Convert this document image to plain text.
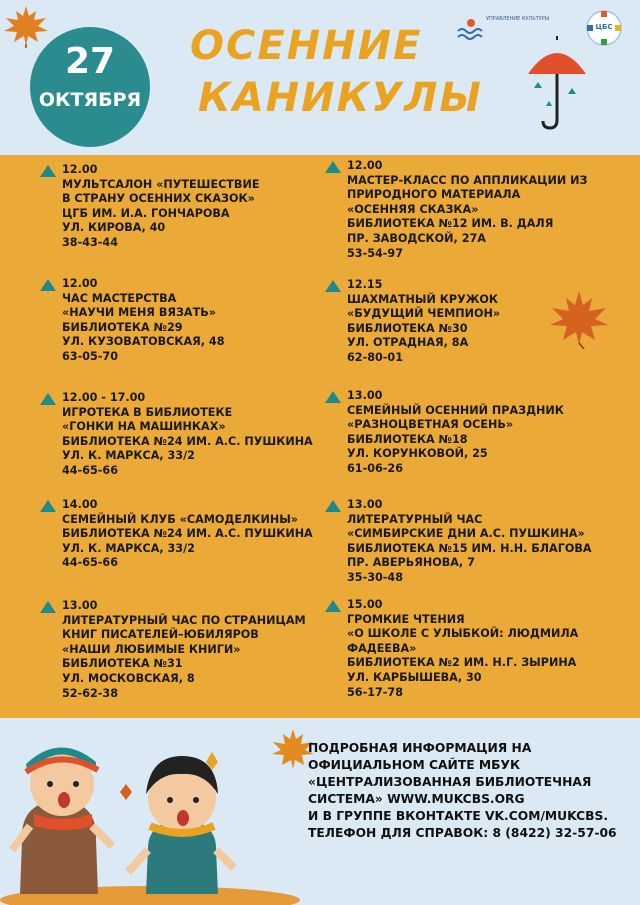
27
ОКТЯБРЯ
ОСЕННИЕ
КАНИКУЛЫ
УПРАВЛЕНИЕ КУЛЬТУРЫ
ЦБС
12.00
МУЛЬТСАЛОН «ПУТЕШЕСТВИЕ
В СТРАНУ ОСЕННИХ СКАЗОК»
ЦГБ ИМ. И.А. ГОНЧАРОВА
УЛ. КИРОВА, 40
38-43-44
12.00
ЧАС МАСТЕРСТВА
«НАУЧИ МЕНЯ ВЯЗАТЬ»
БИБЛИОТЕКА №29
УЛ. КУЗОВАТОВСКАЯ, 48
63-05-70
12.00 - 17.00
ИГРОТЕКА В БИБЛИОТЕКЕ
«ГОНКИ НА МАШИНКАХ»
БИБЛИОТЕКА №24 ИМ. А.С. ПУШКИНА
УЛ. К. МАРКСА, 33/2
44-65-66
14.00
СЕМЕЙНЫЙ КЛУБ «САМОДЕЛКИНЫ»
БИБЛИОТЕКА №24 ИМ. А.С. ПУШКИНА
УЛ. К. МАРКСА, 33/2
44-65-66
13.00
ЛИТЕРАТУРНЫЙ ЧАС ПО СТРАНИЦАМ
КНИГ ПИСАТЕЛЕЙ–ЮБИЛЯРОВ
«НАШИ ЛЮБИМЫЕ КНИГИ»
БИБЛИОТЕКА №31
УЛ. МОСКОВСКАЯ, 8
52-62-38
12.00
МАСТЕР-КЛАСС ПО АППЛИКАЦИИ ИЗ
ПРИРОДНОГО МАТЕРИАЛА
«ОСЕННЯЯ СКАЗКА»
БИБЛИОТЕКА №12 ИМ. В. ДАЛЯ
ПР. ЗАВОДСКОЙ, 27А
53-54-97
12.15
ШАХМАТНЫЙ КРУЖОК
«БУДУЩИЙ ЧЕМПИОН»
БИБЛИОТЕКА №30
УЛ. ОТРАДНАЯ, 8А
62-80-01
13.00
СЕМЕЙНЫЙ ОСЕННИЙ ПРАЗДНИК
«РАЗНОЦВЕТНАЯ ОСЕНЬ»
БИБЛИОТЕКА №18
УЛ. КОРУНКОВОЙ, 25
61-06-26
13.00
ЛИТЕРАТУРНЫЙ ЧАС
«СИМБИРСКИЕ ДНИ А.С. ПУШКИНА»
БИБЛИОТЕКА №15 ИМ. Н.Н. БЛАГОВА
ПР. АВЕРЬЯНОВА, 7
35-30-48
15.00
ГРОМКИЕ ЧТЕНИЯ
«О ШКОЛЕ С УЛЫБКОЙ: ЛЮДМИЛА
ФАДЕЕВА»
БИБЛИОТЕКА №2 ИМ. Н.Г. ЗЫРИНА
УЛ. КАРБЫШЕВА, 30
56-17-78
ПОДРОБНАЯ ИНФОРМАЦИЯ НА
ОФИЦИАЛЬНОМ САЙТЕ МБУК
«ЦЕНТРАЛИЗОВАННАЯ БИБЛИОТЕЧНАЯ
СИСТЕМА» WWW.MUKCBS.ORG
И В ГРУППЕ ВКОНТАКТЕ VK.COM/MUKCBS.
ТЕЛЕФОН ДЛЯ СПРАВОК: 8 (8422) 32-57-06
